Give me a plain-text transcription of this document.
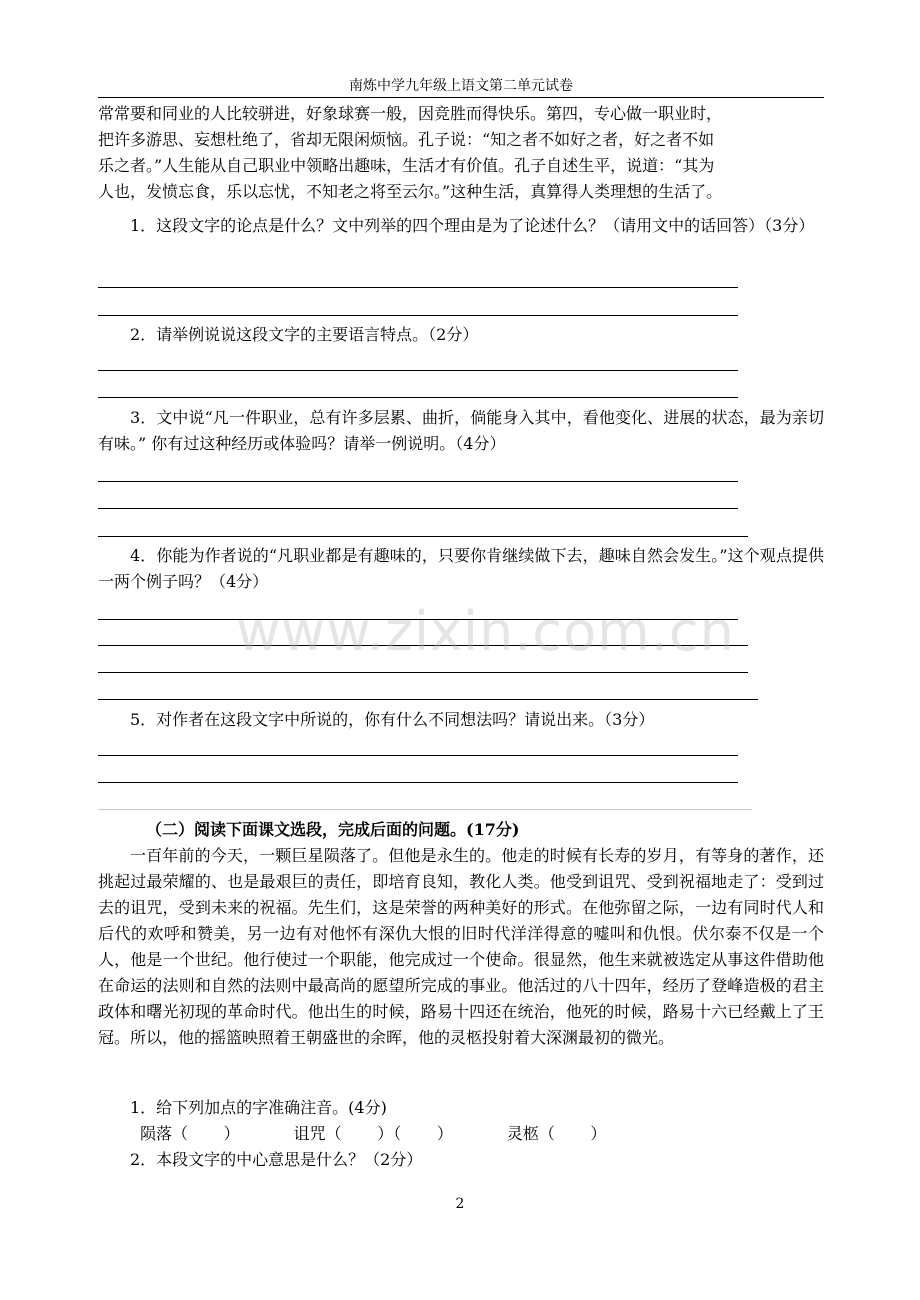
南炼中学九年级上语文第二单元试卷

常常要和同业的人比较骈进，好象球赛一般，因竞胜而得快乐。第四，专心做一职业时，

把许多游思、妄想杜绝了，省却无限闲烦恼。孔子说：“知之者不如好之者，好之者不如

乐之者。”人生能从自己职业中领略出趣味，生活才有价值。孔子自述生平，说道：“其为

人也，发愤忘食，乐以忘忧，不知老之将至云尔。”这种生活，真算得人类理想的生活了。

1．这段文字的论点是什么？文中列举的四个理由是为了论述什么？（请用文中的话回答）（3分）
2．请举例说说这段文字的主要语言特点。（2分）
3．文中说“凡一件职业，总有许多层累、曲折，倘能身入其中，看他变化、进展的状态，最为亲切有味。” 你有过这种经历或体验吗？请举一例说明。（4分）
4．你能为作者说的“凡职业都是有趣味的，只要你肯继续做下去，趣味自然会发生。”这个观点提供一两个例子吗？（4分）
5．对作者在这段文字中所说的，你有什么不同想法吗？请说出来。（3分）
（二）阅读下面课文选段，完成后面的问题。(17分)
一百年前的今天，一颗巨星陨落了。但他是永生的。他走的时候有长寿的岁月，有等身的著作，还挑起过最荣耀的、也是最艰巨的责任，即培育良知，教化人类。他受到诅咒、受到祝福地走了：受到过去的诅咒，受到未来的祝福。先生们，这是荣誉的两种美好的形式。在他弥留之际，一边有同时代人和后代的欢呼和赞美，另一边有对他怀有深仇大恨的旧时代洋洋得意的嘘叫和仇恨。伏尔泰不仅是一个人，他是一个世纪。他行使过一个职能，他完成过一个使命。很显然，他生来就被选定从事这件借助他在命运的法则和自然的法则中最高尚的愿望所完成的事业。他活过的八十四年，经历了登峰造极的君主政体和曙光初现的革命时代。他出生的时候，路易十四还在统治，他死的时候，路易十六已经戴上了王冠。所以，他的摇篮映照着王朝盛世的余晖，他的灵柩投射着大深渊最初的微光。
1．给下列加点的字准确注音。(4分)
陨落（       ）	诅咒（       ）（       ）	灵柩（       ）
2．本段文字的中心意思是什么？（2分）
www.zixin.com.cn
2
